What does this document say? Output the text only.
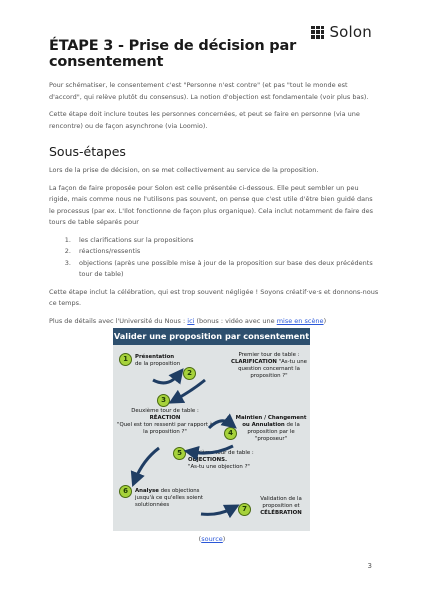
Solon
ÉTAPE 3 - Prise de décision par consentement

Pour schématiser, le consentement c'est "Personne n'est contre" (et pas "tout le monde est d'accord", qui relève plutôt du consensus). La notion d'objection est fondamentale (voir plus bas).

Cette étape doit inclure toutes les personnes concernées, et peut se faire en personne (via une rencontre) ou de façon asynchrone (via Loomio).

Sous-étapes

Lors de la prise de décision, on se met collectivement au service de la proposition.

La façon de faire proposée pour Solon est celle présentée ci-dessous. Elle peut sembler un peu rigide, mais comme nous ne l'utilisons pas souvent, on pense que c'est utile d'être bien guidé dans le processus (par ex. L'Ilot fonctionne de façon plus organique). Cela inclut notamment de faire des tours de table séparés pour

1. les clarifications sur la propositions
2. réactions/ressentis
3. objections (après une possible mise à jour de la proposition sur base des deux précédents tour de table)

Cette étape inclut la célébration, qui est trop souvent négligée ! Soyons créatif·ve·s et donnons-nous ce temps.

Plus de détails avec l'Université du Nous : ici (bonus : vidéo avec une mise en scène)

Valider une proposition par consentement
1	Présentation
de la proposition
Premier tour de table :
CLARIFICATION "As-tu une question concernant la proposition ?"
2
3
Deuxième tour de table :
RÉACTION
"Quel est ton ressenti par rapport à la proposition ?"
Maintien / Changement ou Annulation de la proposition par le "proposeur"
4
5	Troisième tour de table : OBJECTIONS.
"As-tu une objection ?"
6	Analyse des objections jusqu'à ce qu'elles soient solutionnées	7
Validation de la proposition et
CÉLÉBRATION
(source)
3
